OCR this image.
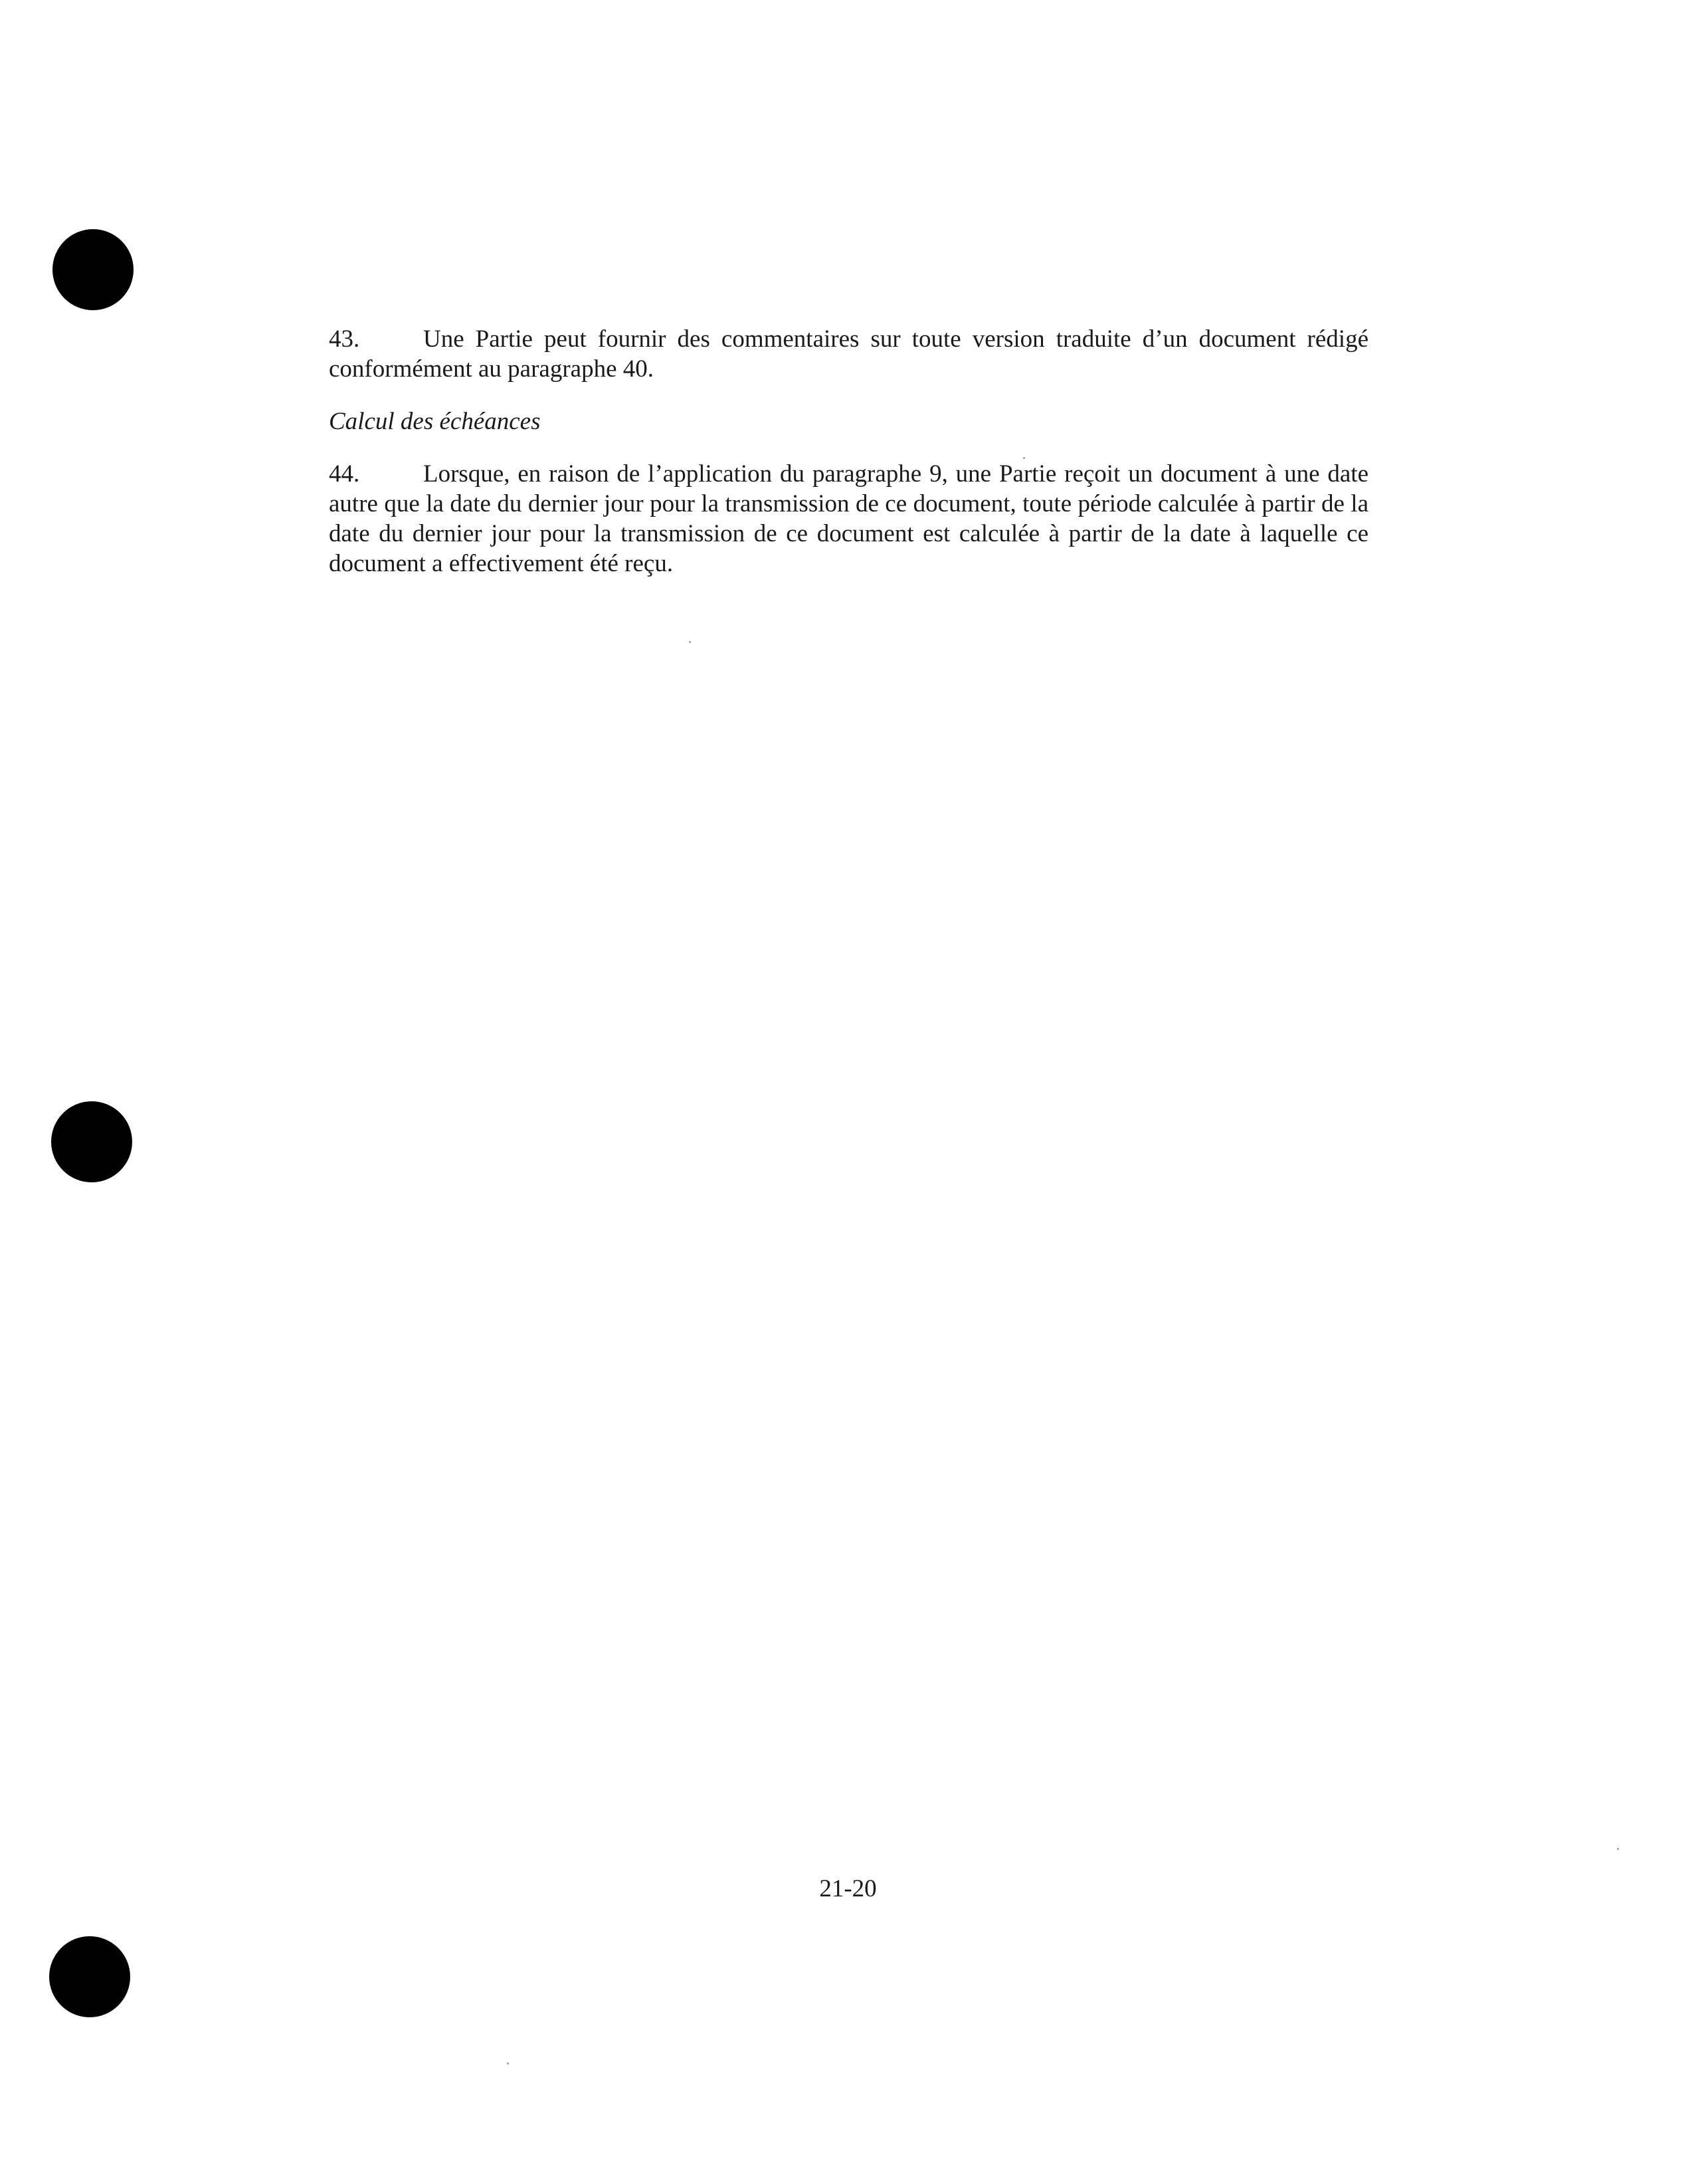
43.	Une Partie peut fournir des commentaires sur toute version traduite d’un document rédigé conformément au paragraphe 40.

Calcul des échéances

44.	Lorsque, en raison de l’application du paragraphe 9, une Partie reçoit un document à une date autre que la date du dernier jour pour la transmission de ce document, toute période calculée à partir de la date du dernier jour pour la transmission de ce document est calculée à partir de la date à laquelle ce document a effectivement été reçu.

21-20
